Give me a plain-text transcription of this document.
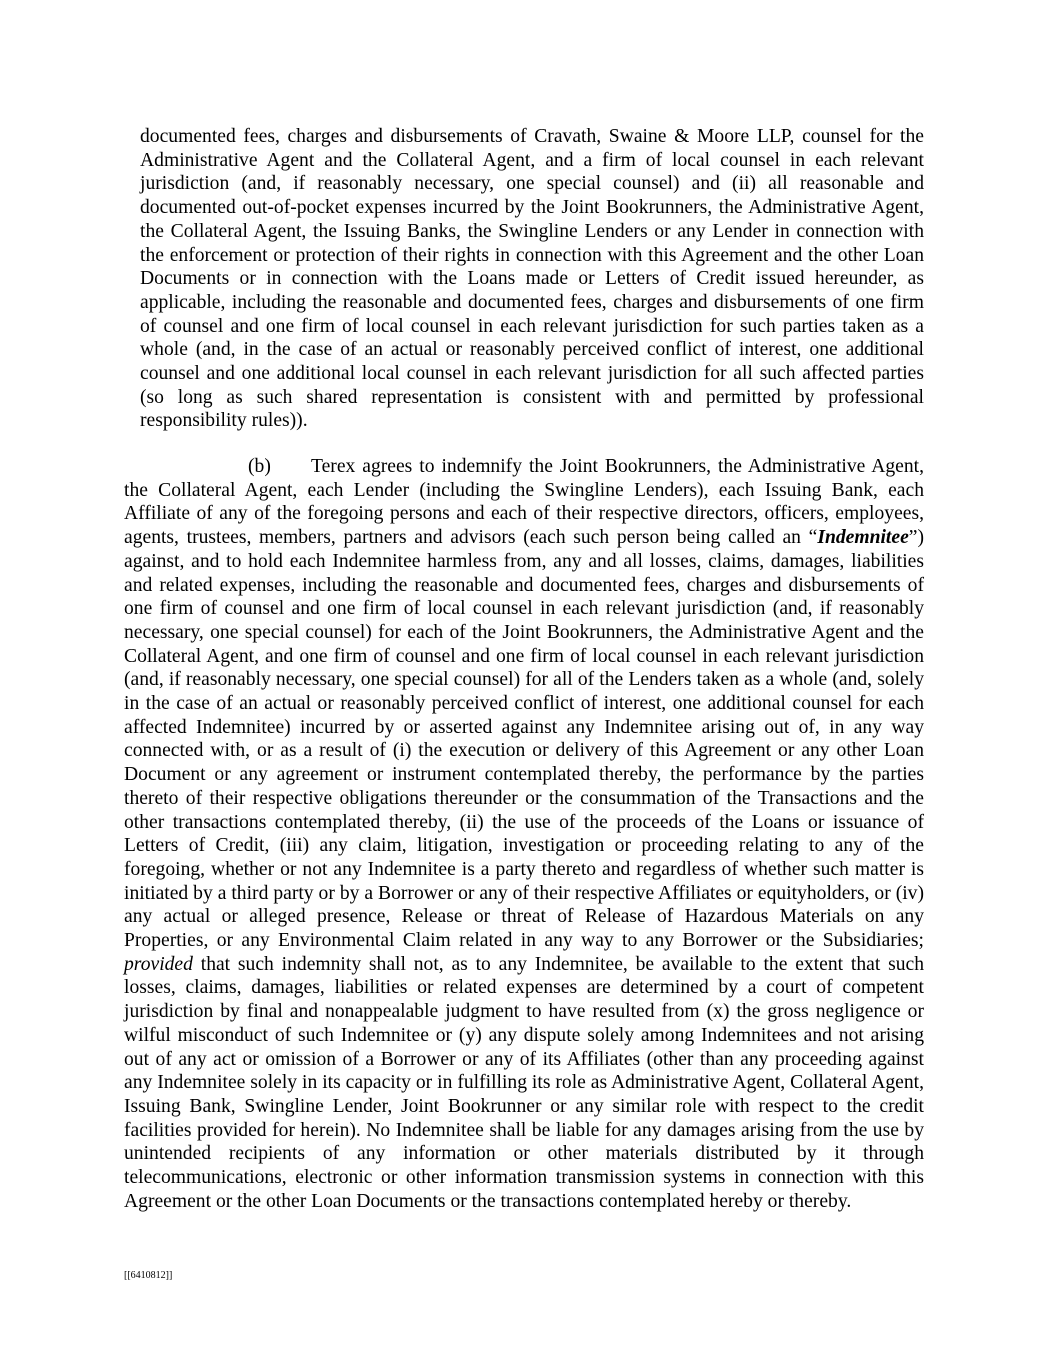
documented fees, charges and disbursements of Cravath, Swaine & Moore LLP, counsel for the Administrative Agent and the Collateral Agent, and a firm of local counsel in each relevant jurisdiction (and, if reasonably necessary, one special counsel) and (ii) all reasonable and documented out-of-pocket expenses incurred by the Joint Bookrunners, the Administrative Agent, the Collateral Agent, the Issuing Banks, the Swingline Lenders or any Lender in connection with the enforcement or protection of their rights in connection with this Agreement and the other Loan Documents or in connection with the Loans made or Letters of Credit issued hereunder, as applicable, including the reasonable and documented fees, charges and disbursements of one firm of counsel and one firm of local counsel in each relevant jurisdiction for such parties taken as a whole (and, in the case of an actual or reasonably perceived conflict of interest, one additional counsel and one additional local counsel in each relevant jurisdiction for all such affected parties (so long as such shared representation is consistent with and permitted by professional responsibility rules)).

(b) Terex agrees to indemnify the Joint Bookrunners, the Administrative Agent, the Collateral Agent, each Lender (including the Swingline Lenders), each Issuing Bank, each Affiliate of any of the foregoing persons and each of their respective directors, officers, employees, agents, trustees, members, partners and advisors (each such person being called an “Indemnitee”) against, and to hold each Indemnitee harmless from, any and all losses, claims, damages, liabilities and related expenses, including the reasonable and documented fees, charges and disbursements of one firm of counsel and one firm of local counsel in each relevant jurisdiction (and, if reasonably necessary, one special counsel) for each of the Joint Bookrunners, the Administrative Agent and the Collateral Agent, and one firm of counsel and one firm of local counsel in each relevant jurisdiction (and, if reasonably necessary, one special counsel) for all of the Lenders taken as a whole (and, solely in the case of an actual or reasonably perceived conflict of interest, one additional counsel for each affected Indemnitee) incurred by or asserted against any Indemnitee arising out of, in any way connected with, or as a result of (i) the execution or delivery of this Agreement or any other Loan Document or any agreement or instrument contemplated thereby, the performance by the parties thereto of their respective obligations thereunder or the consummation of the Transactions and the other transactions contemplated thereby, (ii) the use of the proceeds of the Loans or issuance of Letters of Credit, (iii) any claim, litigation, investigation or proceeding relating to any of the foregoing, whether or not any Indemnitee is a party thereto and regardless of whether such matter is initiated by a third party or by a Borrower or any of their respective Affiliates or equityholders, or (iv) any actual or alleged presence, Release or threat of Release of Hazardous Materials on any Properties, or any Environmental Claim related in any way to any Borrower or the Subsidiaries; provided that such indemnity shall not, as to any Indemnitee, be available to the extent that such losses, claims, damages, liabilities or related expenses are determined by a court of competent jurisdiction by final and nonappealable judgment to have resulted from (x) the gross negligence or wilful misconduct of such Indemnitee or (y) any dispute solely among Indemnitees and not arising out of any act or omission of a Borrower or any of its Affiliates (other than any proceeding against any Indemnitee solely in its capacity or in fulfilling its role as Administrative Agent, Collateral Agent, Issuing Bank, Swingline Lender, Joint Bookrunner or any similar role with respect to the credit facilities provided for herein). No Indemnitee shall be liable for any damages arising from the use by unintended recipients of any information or other materials distributed by it through telecommunications, electronic or other information transmission systems in connection with this Agreement or the other Loan Documents or the transactions contemplated hereby or thereby.

[[6410812]]
